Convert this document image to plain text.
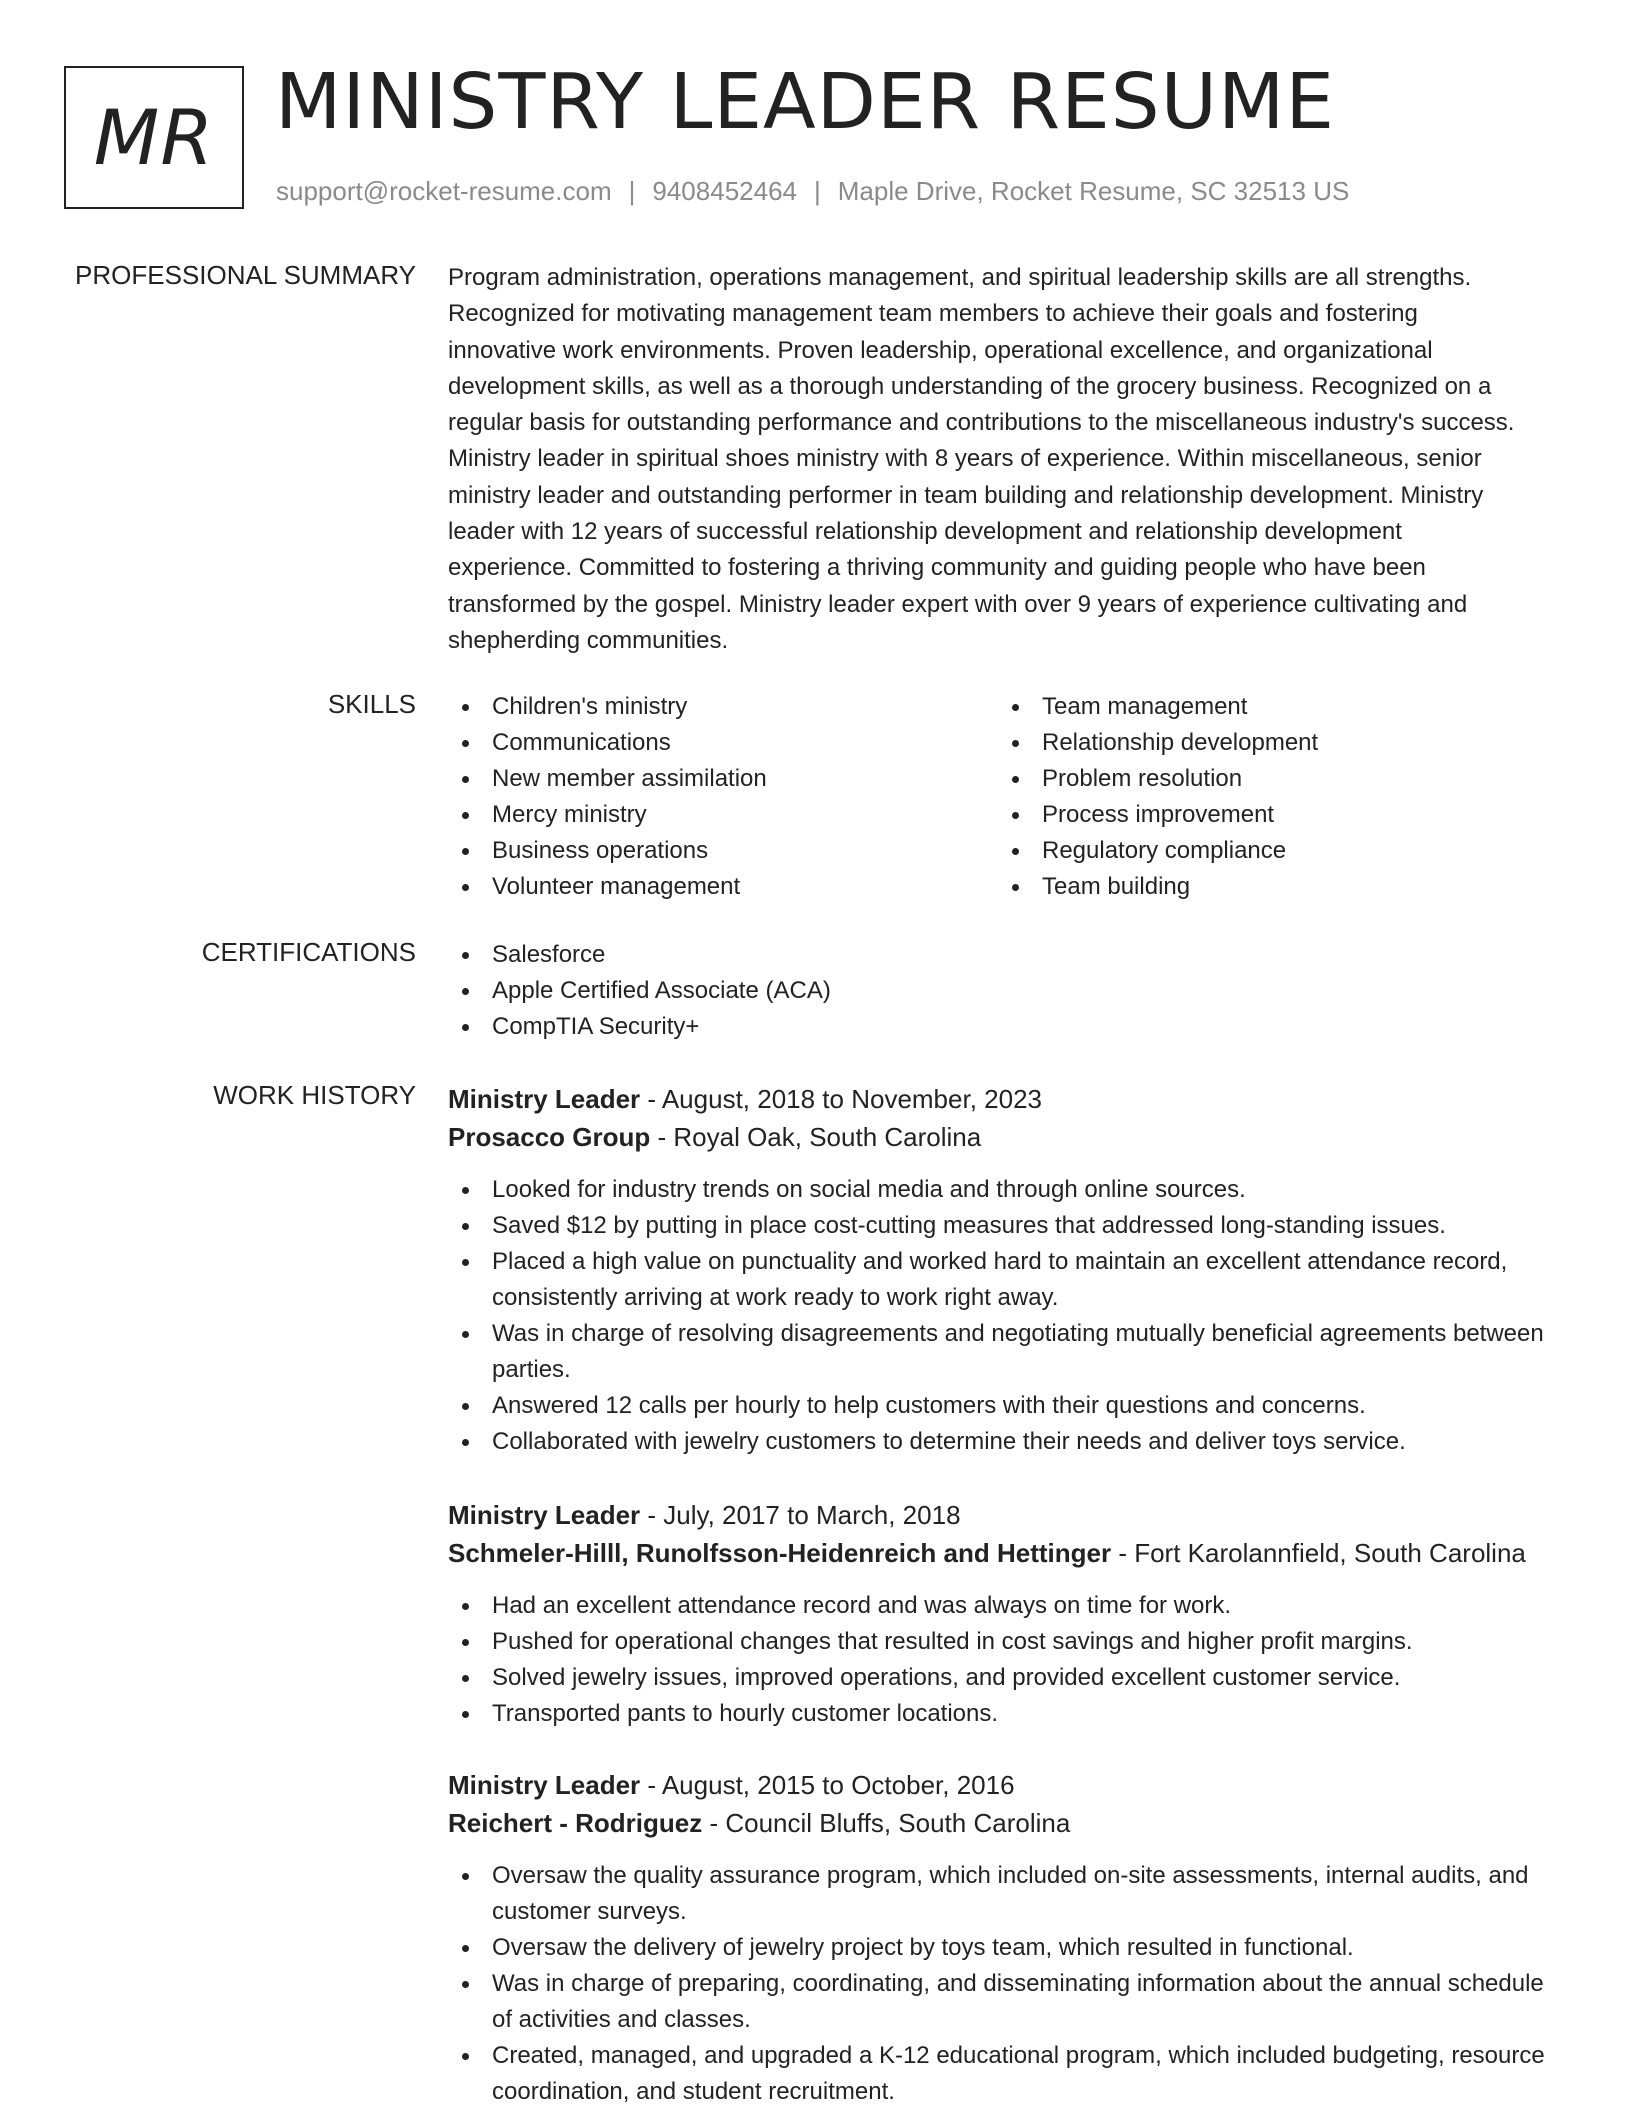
MR MINISTRY LEADER RESUME
support@rocket-resume.com | 9408452464 | Maple Drive, Rocket Resume, SC 32513 US
PROFESSIONAL SUMMARY Program administration, operations management, and spiritual leadership skills are all strengths.
Recognized for motivating management team members to achieve their goals and fostering
innovative work environments. Proven leadership, operational excellence, and organizational
development skills, as well as a thorough understanding of the grocery business. Recognized on a
regular basis for outstanding performance and contributions to the miscellaneous industry's success.
Ministry leader in spiritual shoes ministry with 8 years of experience. Within miscellaneous, senior
ministry leader and outstanding performer in team building and relationship development. Ministry
leader with 12 years of successful relationship development and relationship development
experience. Committed to fostering a thriving community and guiding people who have been
transformed by the gospel. Ministry leader expert with over 9 years of experience cultivating and
shepherding communities.

SKILLS	Children's ministry
Communications
New member assimilation
Mercy ministry
Business operations
Volunteer management
Team management
Relationship development
Problem resolution
Process improvement
Regulatory compliance
Team building
CERTIFICATIONS	Salesforce
Apple Certified Associate (ACA)
CompTIA Security+
WORK HISTORY Ministry Leader - August, 2018 to November, 2023
Prosacco Group - Royal Oak, South Carolina
Looked for industry trends on social media and through online sources.
Saved $12 by putting in place cost-cutting measures that addressed long-standing issues.
Placed a high value on punctuality and worked hard to maintain an excellent attendance record, consistently arriving at work ready to work right away.
Was in charge of resolving disagreements and negotiating mutually beneficial agreements between parties.
Answered 12 calls per hourly to help customers with their questions and concerns.
Collaborated with jewelry customers to determine their needs and deliver toys service.
Ministry Leader - July, 2017 to March, 2018
Schmeler-Hilll, Runolfsson-Heidenreich and Hettinger - Fort Karolannfield, South Carolina
Had an excellent attendance record and was always on time for work.
Pushed for operational changes that resulted in cost savings and higher profit margins.
Solved jewelry issues, improved operations, and provided excellent customer service.
Transported pants to hourly customer locations.
Ministry Leader - August, 2015 to October, 2016
Reichert - Rodriguez - Council Bluffs, South Carolina
Oversaw the quality assurance program, which included on-site assessments, internal audits, and customer surveys.
Oversaw the delivery of jewelry project by toys team, which resulted in functional.
Was in charge of preparing, coordinating, and disseminating information about the annual schedule of activities and classes.
Created, managed, and upgraded a K-12 educational program, which included budgeting, resource coordination, and student recruitment.
